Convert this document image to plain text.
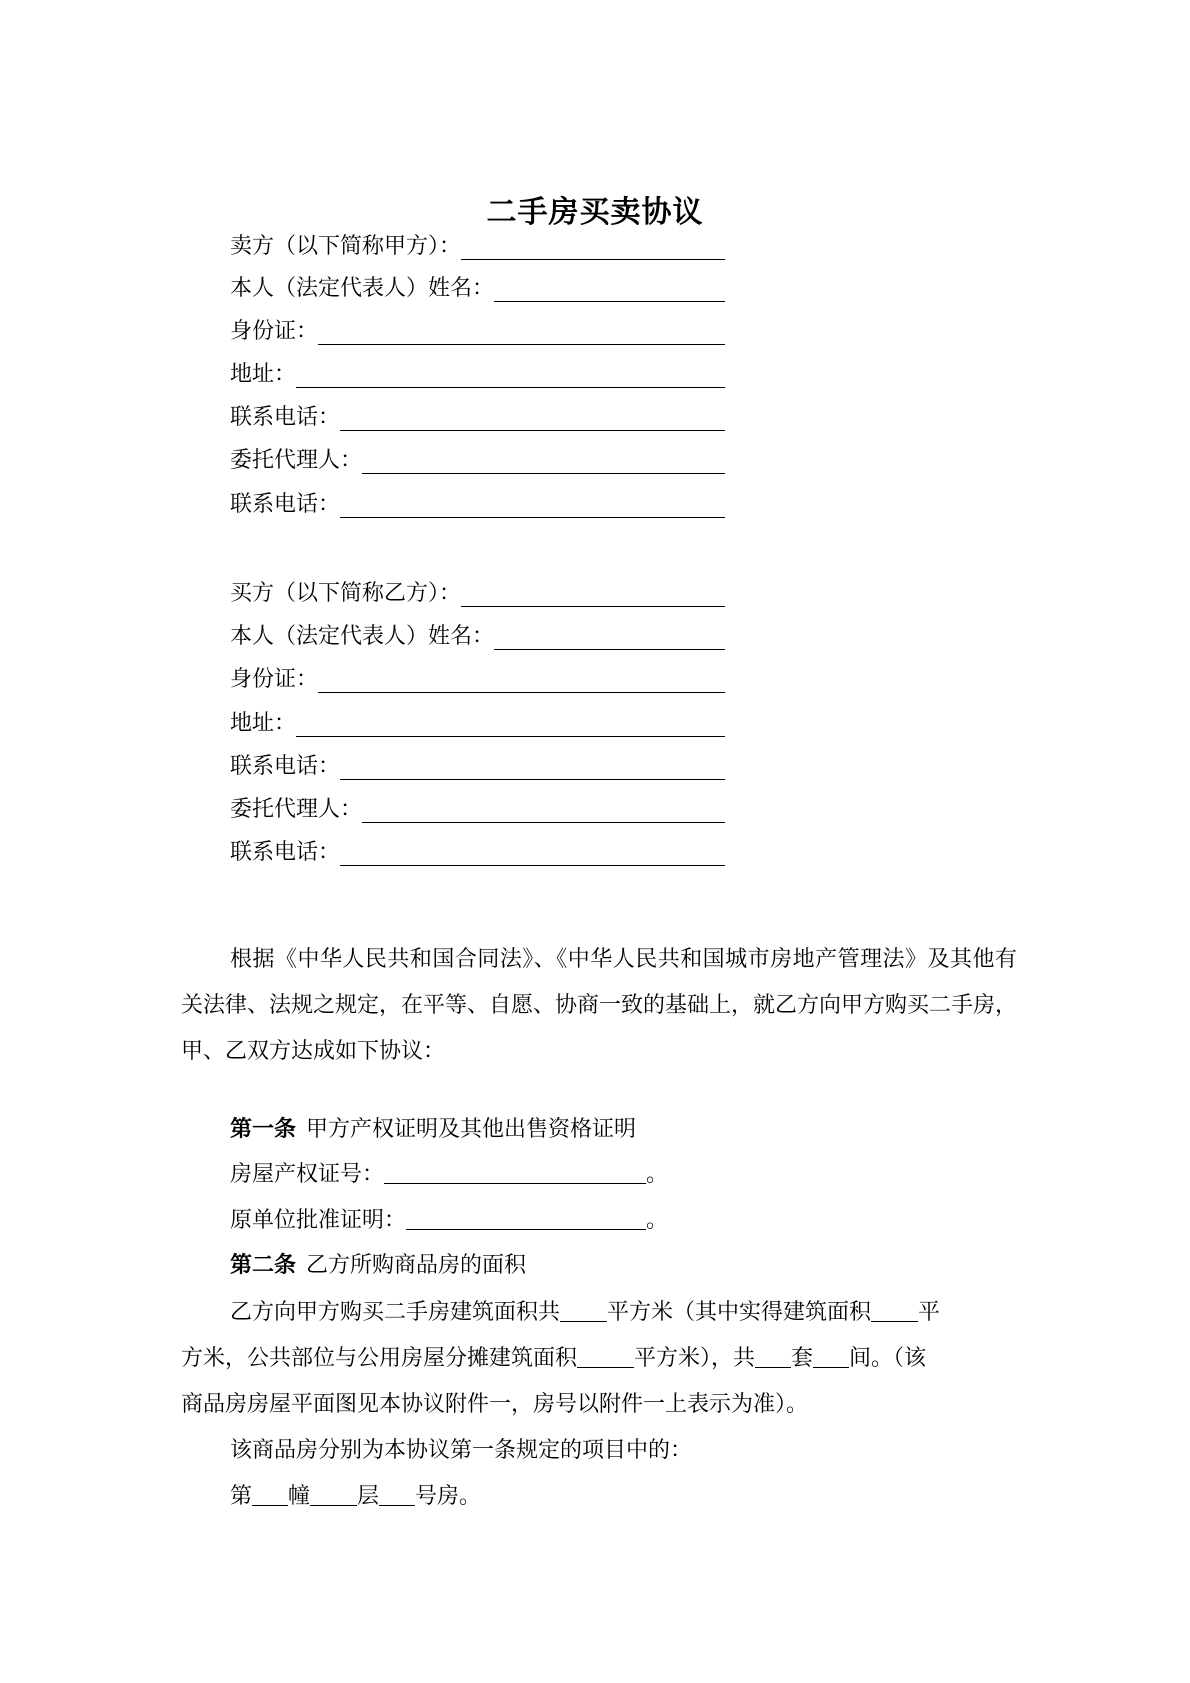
二手房买卖协议
卖方（以下简称甲方）：
本人（法定代表人）姓名：
身份证：
地址：
联系电话：
委托代理人：
联系电话：
买方（以下简称乙方）：
本人（法定代表人）姓名：
身份证：
地址：
联系电话：
委托代理人：
联系电话：

根据《中华人民共和国合同法》、《中华人民共和国城市房地产管理法》及其他有关法律、法规之规定，在平等、自愿、协商一致的基础上，就乙方向甲方购买二手房，甲、乙双方达成如下协议：

第一条 甲方产权证明及其他出售资格证明
房屋产权证号：	。
原单位批准证明：	。
第二条 乙方所购商品房的面积
乙方向甲方购买二手房建筑面积共 平方米（其中实得建筑面积 平
方米，公共部位与公用房屋分摊建筑面积	平方米），共 套 间。（该
商品房房屋平面图见本协议附件一，房号以附件一上表示为准）。
该商品房分别为本协议第一条规定的项目中的：
第 幢 层 号房。
